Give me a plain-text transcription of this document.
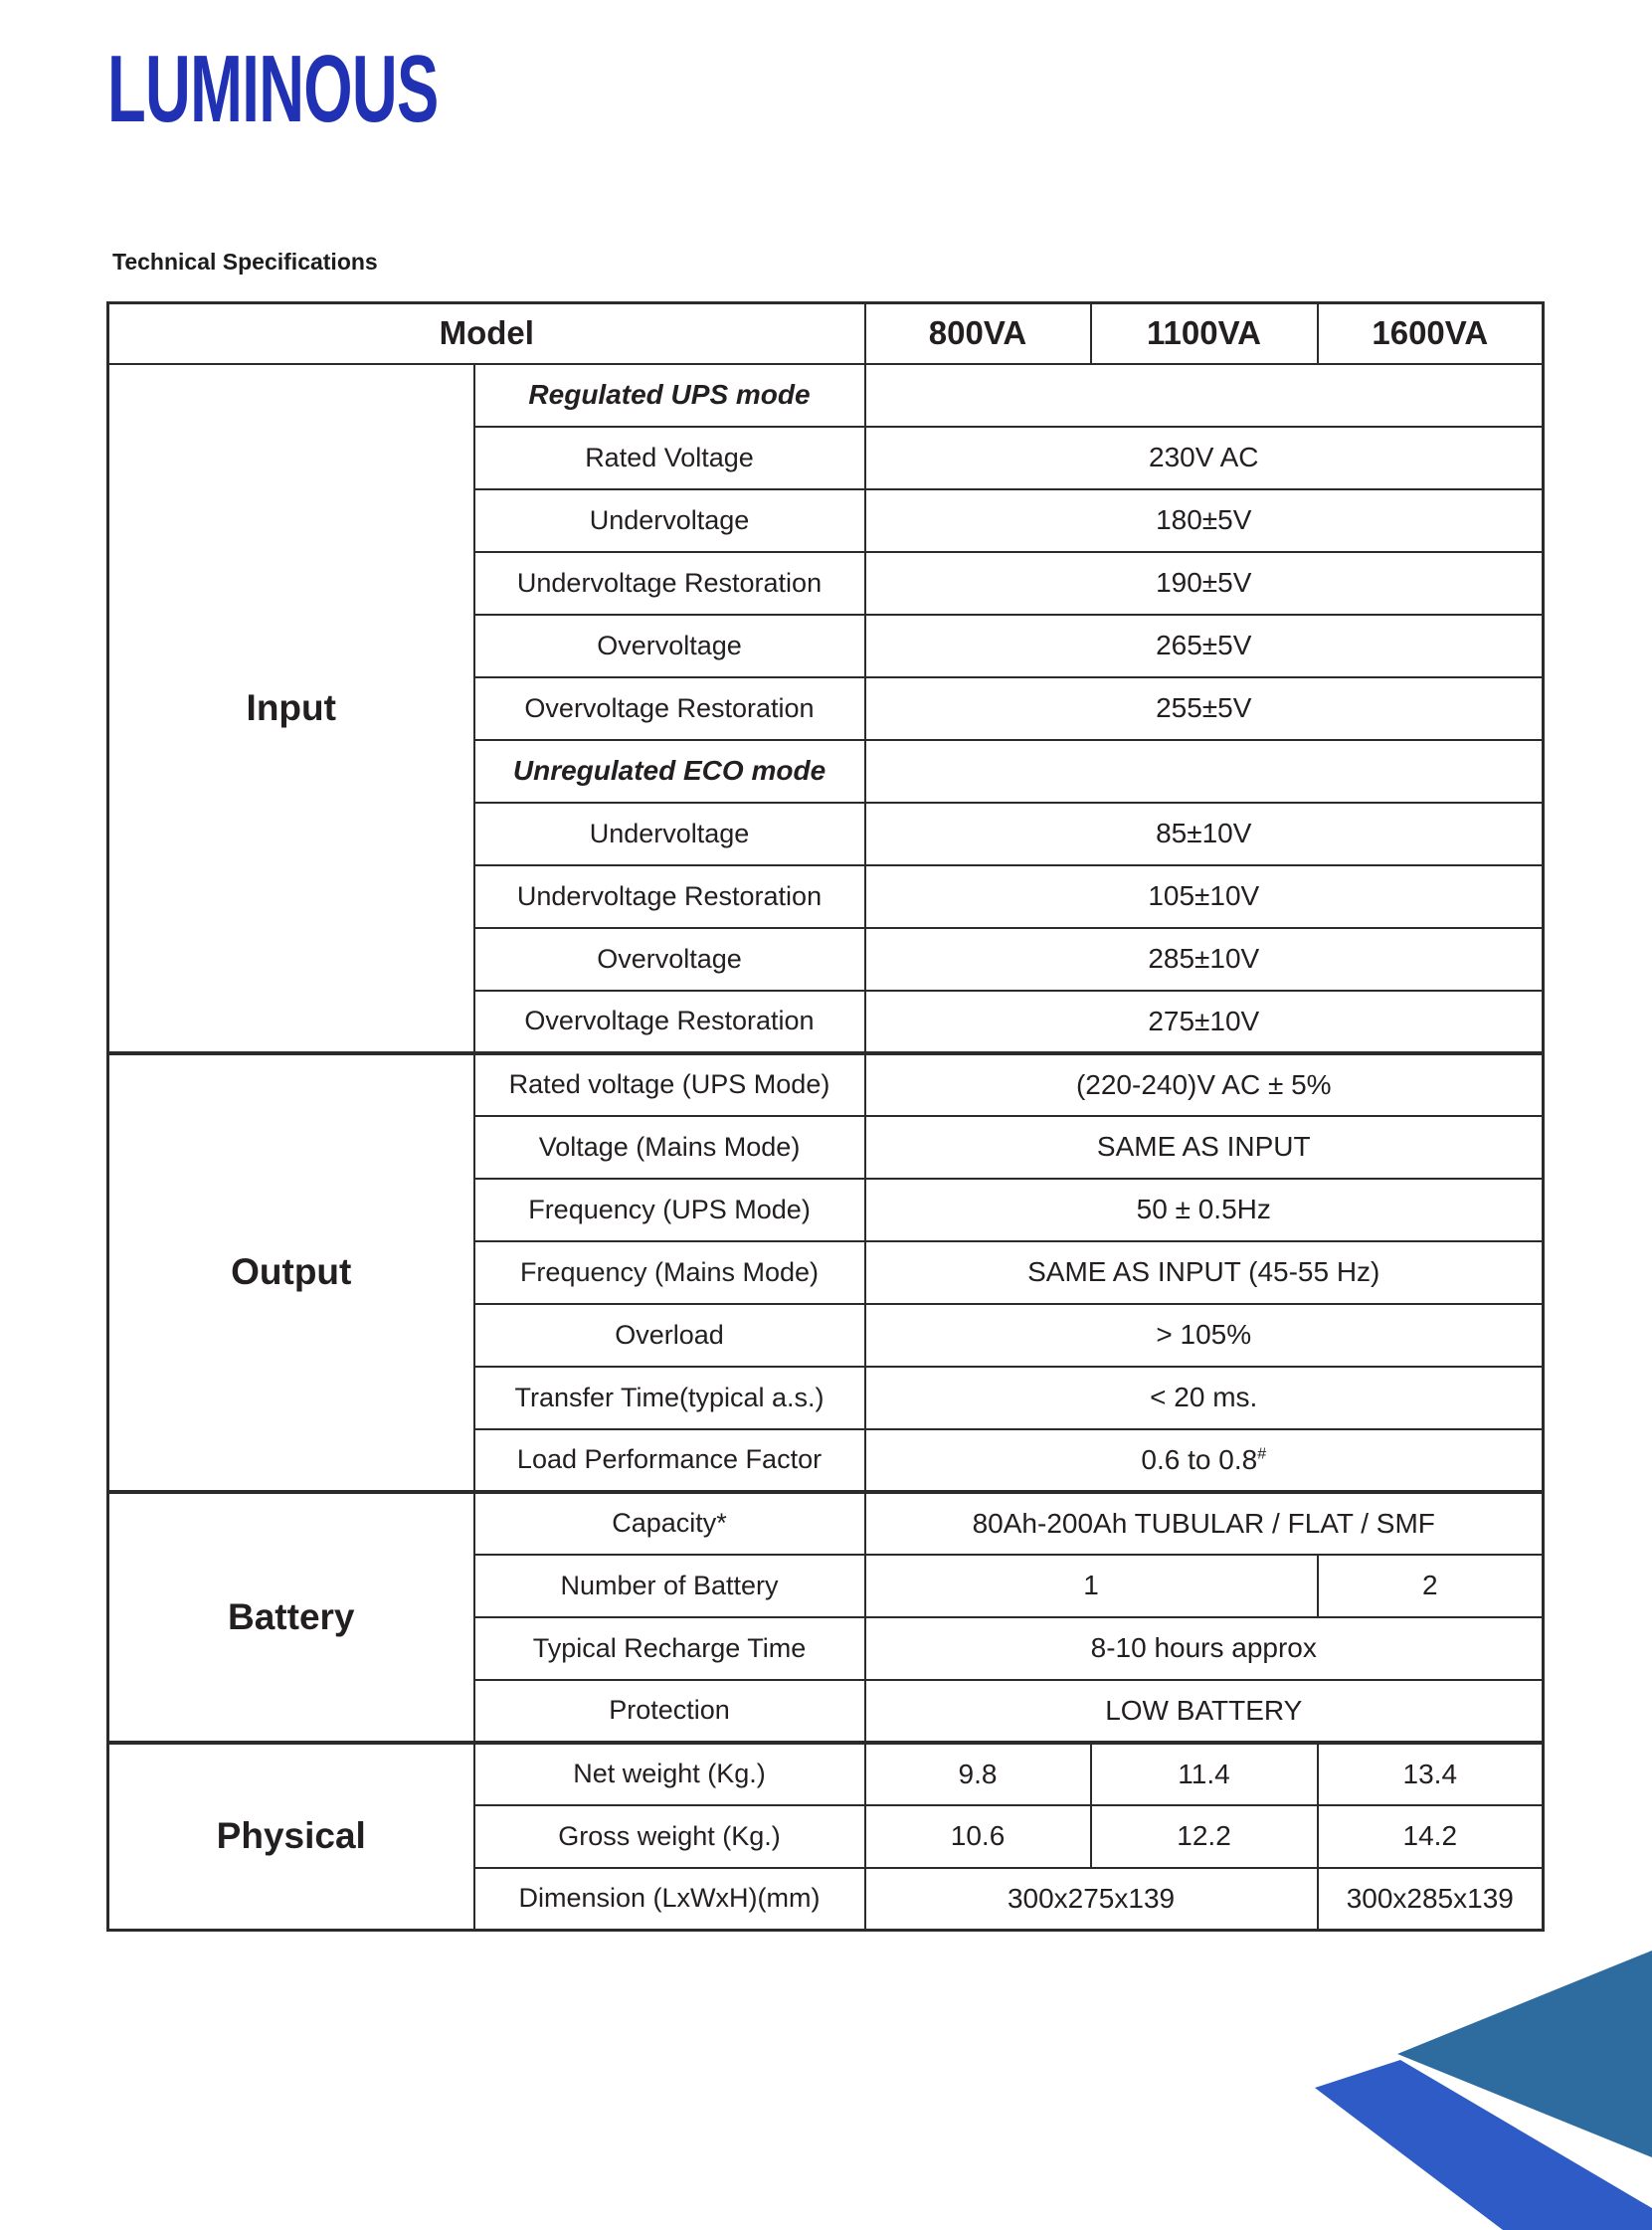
LUMINOUS
Technical Specifications
Model		800VA	1100VA	1600VA
Input	Regulated UPS mode			
	Rated Voltage	230V AC		
	Undervoltage	180±5V		
	Undervoltage Restoration	190±5V		
	Overvoltage	265±5V		
	Overvoltage Restoration	255±5V		
	Unregulated ECO mode			
	Undervoltage	85±10V		
	Undervoltage Restoration	105±10V		
	Overvoltage	285±10V		
	Overvoltage Restoration	275±10V		
Output	Rated voltage (UPS Mode)	(220-240)V AC ± 5%		
	Voltage (Mains Mode)	SAME AS INPUT		
	Frequency (UPS Mode)	50 ± 0.5Hz		
	Frequency (Mains Mode)	SAME AS INPUT (45-55 Hz)		
	Overload	> 105%		
	Transfer Time(typical a.s.)	< 20 ms.		
	Load Performance Factor	0.6 to 0.8#
Battery	Capacity*	80Ah-200Ah TUBULAR / FLAT / SMF		
	Number of Battery	1		2
	Typical Recharge Time	8-10 hours approx		
	Protection	LOW BATTERY		
Physical	Net weight (Kg.)	9.8	11.4	13.4
	Gross weight (Kg.)	10.6	12.2	14.2
	Dimension (LxWxH)(mm)	300x275x139		300x285x139
